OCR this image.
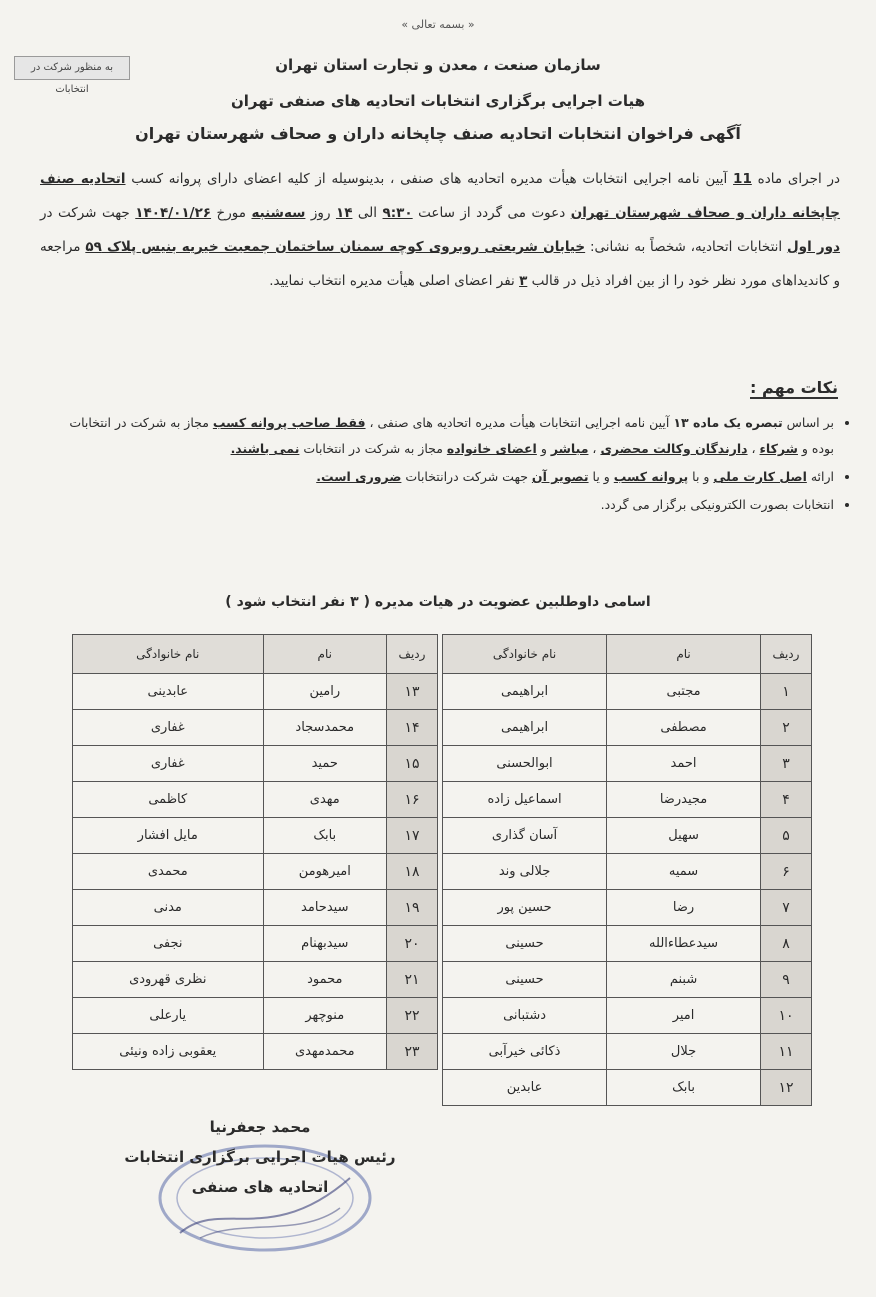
« بسمه تعالی »
سازمان صنعت ، معدن و تجارت استان تهران
به منظور شرکت در انتخابات
هیات اجرایی برگزاری انتخابات اتحادیه های صنفی تهران
آگهی فراخوان انتخابات اتحادیه صنف چاپخانه داران و صحاف شهرستان تهران
در اجرای ماده 11 آیین نامه اجرایی انتخابات هیأت مدیره اتحادیه های صنفی ، بدینوسیله از کلیه اعضای دارای پروانه کسب اتحادیه صنف چاپخانه داران و صحاف شهرستان تهران دعوت می گردد از ساعت ۹:۳۰ الی ۱۴ روز سه‌شنبه مورخ ۱۴۰۴/۰۱/۲۶ جهت شرکت در دور اول انتخابات اتحادیه، شخصاً به نشانی: خیابان شریعتی روبروی کوچه سمنان ساختمان جمعیت خیریه بنیس پلاک ۵۹ مراجعه و کاندیداهای مورد نظر خود را از بین افراد ذیل در قالب ۳ نفر اعضای اصلی هیأت مدیره انتخاب نمایید.
نکات مهم :
• بر اساس تبصره یک ماده ۱۳ آیین نامه اجرایی انتخابات هیأت مدیره اتحادیه های صنفی ، فقط صاحب پروانه کسب مجاز به شرکت در انتخابات بوده و شرکاء ، دارندگان وکالت محضری ، مباشر و اعضای خانواده مجاز به شرکت در انتخابات نمی باشند.
• ارائه اصل کارت ملی و با پروانه کسب و یا تصویر آن جهت شرکت درانتخابات ضروری است.
• انتخابات بصورت الکترونیکی برگزار می گردد.
اسامی داوطلبین عضویت در هیات مدیره ( ۳ نفر انتخاب شود )
ردیف	نام	نام خانوادگی
۱	مجتبی	ابراهیمی
۲	مصطفی	ابراهیمی
۳	احمد	ابوالحسنی
۴	مجیدرضا	اسماعیل زاده
۵	سهیل	آسان گذاری
۶	سمیه	جلالی وند
۷	رضا	حسین پور
۸	سیدعطاءالله	حسینی
۹	شبنم	حسینی
۱۰	امیر	دشتبانی
۱۱	جلال	ذکائی خیرآبی
۱۲	بابک	عابدین
ردیف	نام	نام خانوادگی
۱۳	رامین	عابدینی
۱۴	محمدسجاد	غفاری
۱۵	حمید	غفاری
۱۶	مهدی	کاظمی
۱۷	بابک	مایل افشار
۱۸	امیرهومن	محمدی
۱۹	سیدحامد	مدنی
۲۰	سیدبهنام	نجفی
۲۱	محمود	نظری قهرودی
۲۲	منوچهر	یارعلی
۲۳	محمدمهدی	یعقوبی زاده ونیئی
محمد جعفرنیا
رئیس هیات اجرایی برگزاری انتخابات
اتحادیه های صنفی
